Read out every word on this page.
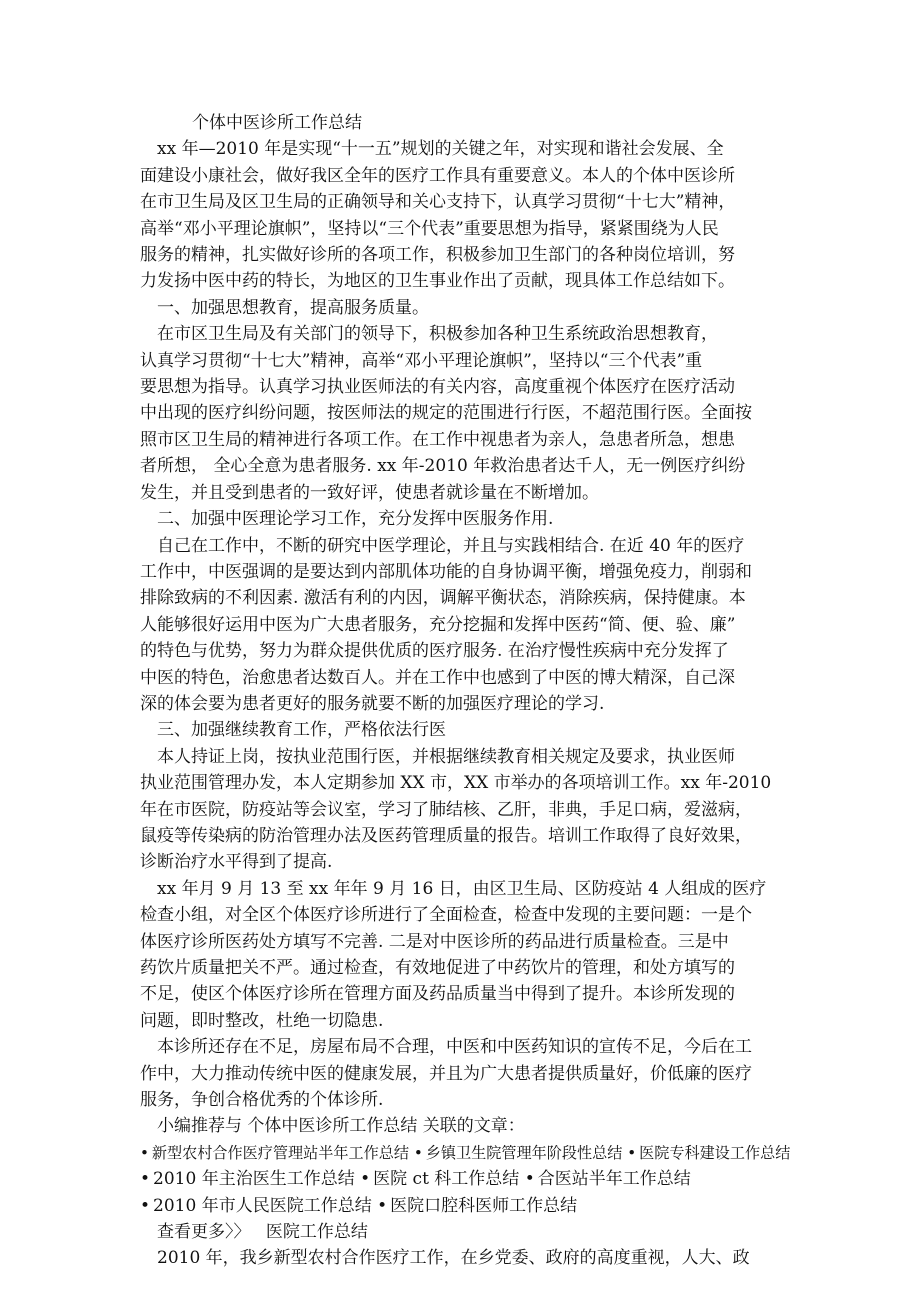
个体中医诊所工作总结
xx 年—2010 年是实现“十一五”规划的关键之年，对实现和谐社会发展、全
面建设小康社会，做好我区全年的医疗工作具有重要意义。本人的个体中医诊所
在市卫生局及区卫生局的正确领导和关心支持下，认真学习贯彻“十七大”精神，
高举“邓小平理论旗帜”，坚持以“三个代表”重要思想为指导，紧紧围绕为人民
服务的精神，扎实做好诊所的各项工作，积极参加卫生部门的各种岗位培训，努
力发扬中医中药的特长，为地区的卫生事业作出了贡献，现具体工作总结如下。
一、加强思想教育，提高服务质量。
在市区卫生局及有关部门的领导下，积极参加各种卫生系统政治思想教育，
认真学习贯彻“十七大”精神，高举“邓小平理论旗帜”，坚持以“三个代表”重
要思想为指导。认真学习执业医师法的有关内容，高度重视个体医疗在医疗活动
中出现的医疗纠纷问题，按医师法的规定的范围进行行医，不超范围行医。全面按
照市区卫生局的精神进行各项工作。在工作中视患者为亲人，急患者所急，想患
者所想， 全心全意为患者服务. xx 年-2010 年救治患者达千人，无一例医疗纠纷
发生，并且受到患者的一致好评，使患者就诊量在不断增加。
二、加强中医理论学习工作，充分发挥中医服务作用.
自己在工作中，不断的研究中医学理论，并且与实践相结合. 在近 40 年的医疗
工作中，中医强调的是要达到内部肌体功能的自身协调平衡，增强免疫力，削弱和
排除致病的不利因素. 激活有利的内因，调解平衡状态，消除疾病，保持健康。本
人能够很好运用中医为广大患者服务，充分挖掘和发挥中医药“简、便、验、廉”
的特色与优势，努力为群众提供优质的医疗服务. 在治疗慢性疾病中充分发挥了
中医的特色，治愈患者达数百人。并在工作中也感到了中医的博大精深，自己深
深的体会要为患者更好的服务就要不断的加强医疗理论的学习.
三、加强继续教育工作，严格依法行医
本人持证上岗，按执业范围行医，并根据继续教育相关规定及要求，执业医师
执业范围管理办发，本人定期参加 XX 市，XX 市举办的各项培训工作。xx 年-2010
年在市医院，防疫站等会议室，学习了肺结核、乙肝，非典，手足口病，爱滋病，
鼠疫等传染病的防治管理办法及医药管理质量的报告。培训工作取得了良好效果，
诊断治疗水平得到了提高.
xx 年月 9 月 13 至 xx 年年 9 月 16 日，由区卫生局、区防疫站 4 人组成的医疗
检查小组，对全区个体医疗诊所进行了全面检查，检查中发现的主要问题：一是个
体医疗诊所医药处方填写不完善. 二是对中医诊所的药品进行质量检查。三是中
药饮片质量把关不严。通过检查，有效地促进了中药饮片的管理，和处方填写的
不足，使区个体医疗诊所在管理方面及药品质量当中得到了提升。本诊所发现的
问题，即时整改，杜绝一切隐患.
本诊所还存在不足，房屋布局不合理，中医和中医药知识的宣传不足，今后在工
作中，大力推动传统中医的健康发展，并且为广大患者提供质量好，价低廉的医疗
服务，争创合格优秀的个体诊所.
小编推荐与 个体中医诊所工作总结 关联的文章：
• 新型农村合作医疗管理站半年工作总结 • 乡镇卫生院管理年阶段性总结 • 医院专科建设工作总结
• 2010 年主治医生工作总结 • 医院 ct 科工作总结 • 合医站半年工作总结
• 2010 年市人民医院工作总结 • 医院口腔科医师工作总结
查看更多〉〉 医院工作总结
2010 年，我乡新型农村合作医疗工作，在乡党委、政府的高度重视，人大、政
